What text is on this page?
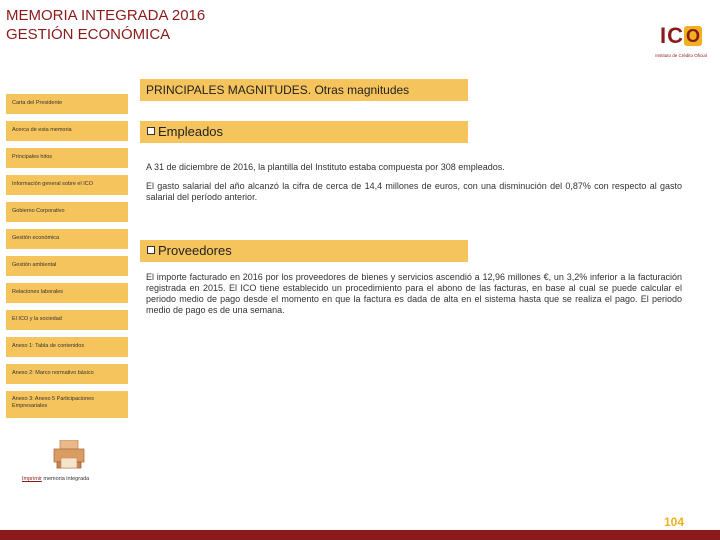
MEMORIA INTEGRADA 2016
GESTIÓN ECONÓMICA	I C O
Instituto de Crédito Oficial
PRINCIPALES MAGNITUDES. Otras magnitudes
Carta del Presidente
Acerca de esta memoria
Principales hitos
Información general sobre el ICO
Gobierno Corporativo
Gestión económica
Gestión ambiental
Relaciones laborales
El ICO y la sociedad
Anexo 1: Tabla de contenidos
Anexo 2: Marco normativo básico
Anexo 3: Anexo 5 Participaciones Empresariales
Imprimir memoria integrada
Empleados
A 31 de diciembre de 2016, la plantilla del Instituto estaba compuesta por 308 empleados.
El gasto salarial del año alcanzó la cifra de cerca de 14,4 millones de euros, con una disminución del 0,87% con respecto al gasto salarial del período anterior.
Proveedores
El importe facturado en 2016 por los proveedores de bienes y servicios ascendió a 12,96 millones €, un 3,2% inferior a la facturación registrada en 2015. El ICO tiene establecido un procedimiento para el abono de las facturas, en base al cual se puede calcular el periodo medio de pago desde el momento en que la factura es dada de alta en el sistema hasta que se realiza el pago. El periodo medio de pago es de una semana.
104
